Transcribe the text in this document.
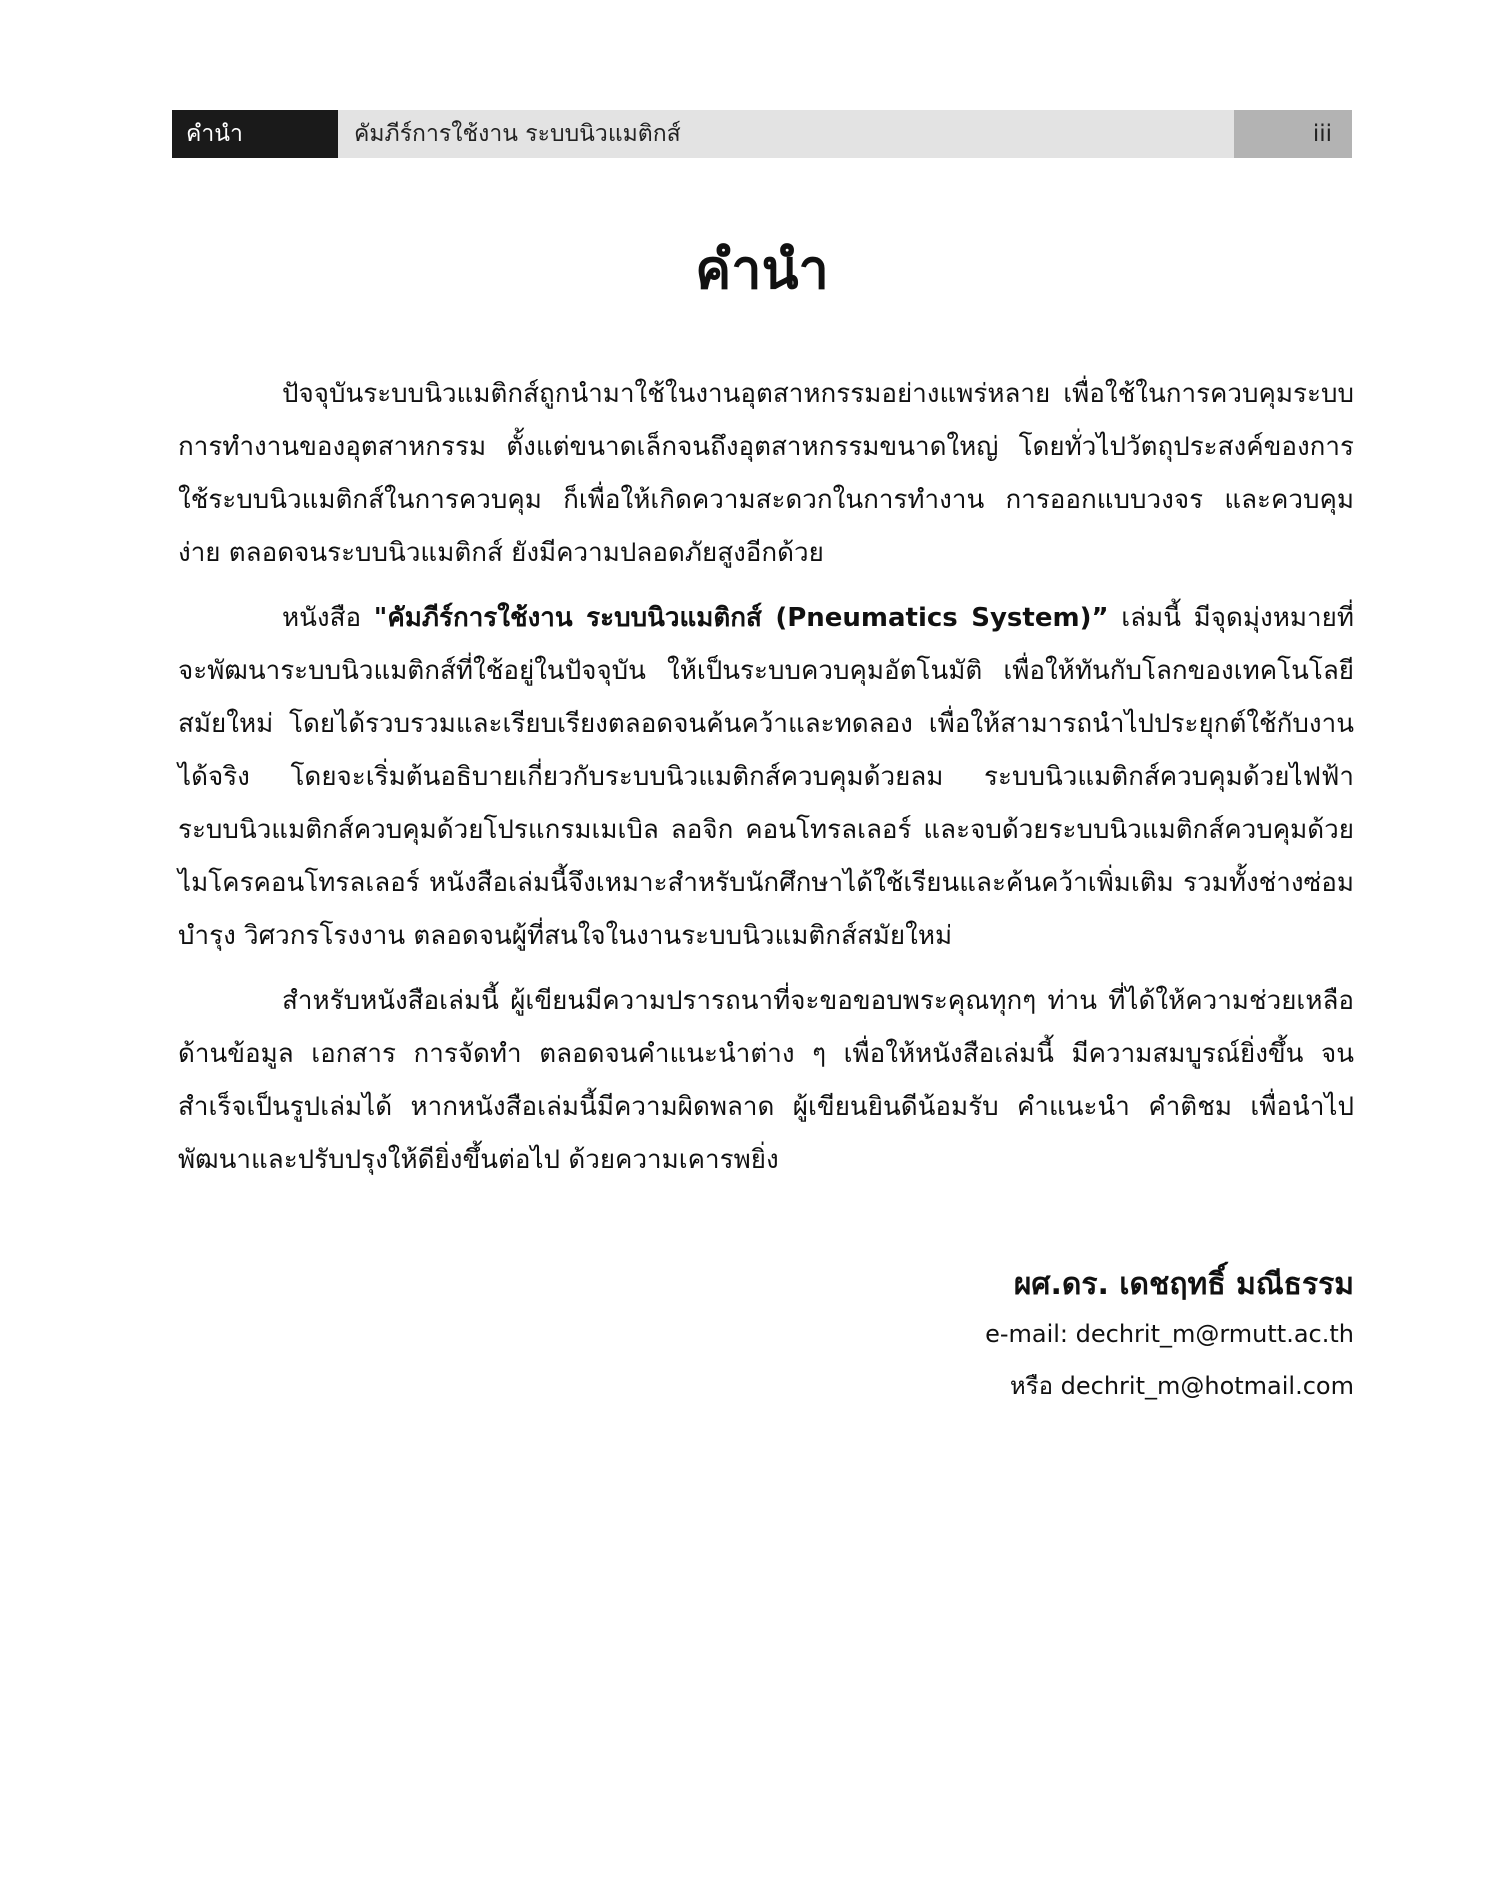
คำนำ	คัมภีร์การใช้งาน ระบบนิวแมติกส์	iii
คำนำ

ปัจจุบันระบบนิวแมติกส์ถูกนำมาใช้ในงานอุตสาหกรรมอย่างแพร่หลาย เพื่อใช้ในการควบคุมระบบการทำงานของอุตสาหกรรม ตั้งแต่ขนาดเล็กจนถึงอุตสาหกรรมขนาดใหญ่ โดยทั่วไปวัตถุประสงค์ของการใช้ระบบนิวแมติกส์ในการควบคุม ก็เพื่อให้เกิดความสะดวกในการทำงาน การออกแบบวงจร และควบคุมง่าย ตลอดจนระบบนิวแมติกส์ ยังมีความปลอดภัยสูงอีกด้วย

หนังสือ "คัมภีร์การใช้งาน ระบบนิวแมติกส์ (Pneumatics System)” เล่มนี้ มีจุดมุ่งหมายที่จะพัฒนาระบบนิวแมติกส์ที่ใช้อยู่ในปัจจุบัน ให้เป็นระบบควบคุมอัตโนมัติ เพื่อให้ทันกับโลกของเทคโนโลยีสมัยใหม่ โดยได้รวบรวมและเรียบเรียงตลอดจนค้นคว้าและทดลอง เพื่อให้สามารถนำไปประยุกต์ใช้กับงานได้จริง โดยจะเริ่มต้นอธิบายเกี่ยวกับระบบนิวแมติกส์ควบคุมด้วยลม ระบบนิวแมติกส์ควบคุมด้วยไฟฟ้า ระบบนิวแมติกส์ควบคุมด้วยโปรแกรมเมเบิล ลอจิก คอนโทรลเลอร์ และจบด้วยระบบนิวแมติกส์ควบคุมด้วยไมโครคอนโทรลเลอร์ หนังสือเล่มนี้จึงเหมาะสำหรับนักศึกษาได้ใช้เรียนและค้นคว้าเพิ่มเติม รวมทั้งช่างซ่อมบำรุง วิศวกรโรงงาน ตลอดจนผู้ที่สนใจในงานระบบนิวแมติกส์สมัยใหม่

สำหรับหนังสือเล่มนี้ ผู้เขียนมีความปรารถนาที่จะขอขอบพระคุณทุกๆ ท่าน ที่ได้ให้ความช่วยเหลือด้านข้อมูล เอกสาร การจัดทำ ตลอดจนคำแนะนำต่าง ๆ เพื่อให้หนังสือเล่มนี้ มีความสมบูรณ์ยิ่งขึ้น จนสำเร็จเป็นรูปเล่มได้ หากหนังสือเล่มนี้มีความผิดพลาด ผู้เขียนยินดีน้อมรับ คำแนะนำ คำติชม เพื่อนำไปพัฒนาและปรับปรุงให้ดียิ่งขึ้นต่อไป ด้วยความเคารพยิ่ง

ผศ.ดร. เดชฤทธิ์ มณีธรรม
e-mail: dechrit_m@rmutt.ac.th
หรือ dechrit_m@hotmail.com
